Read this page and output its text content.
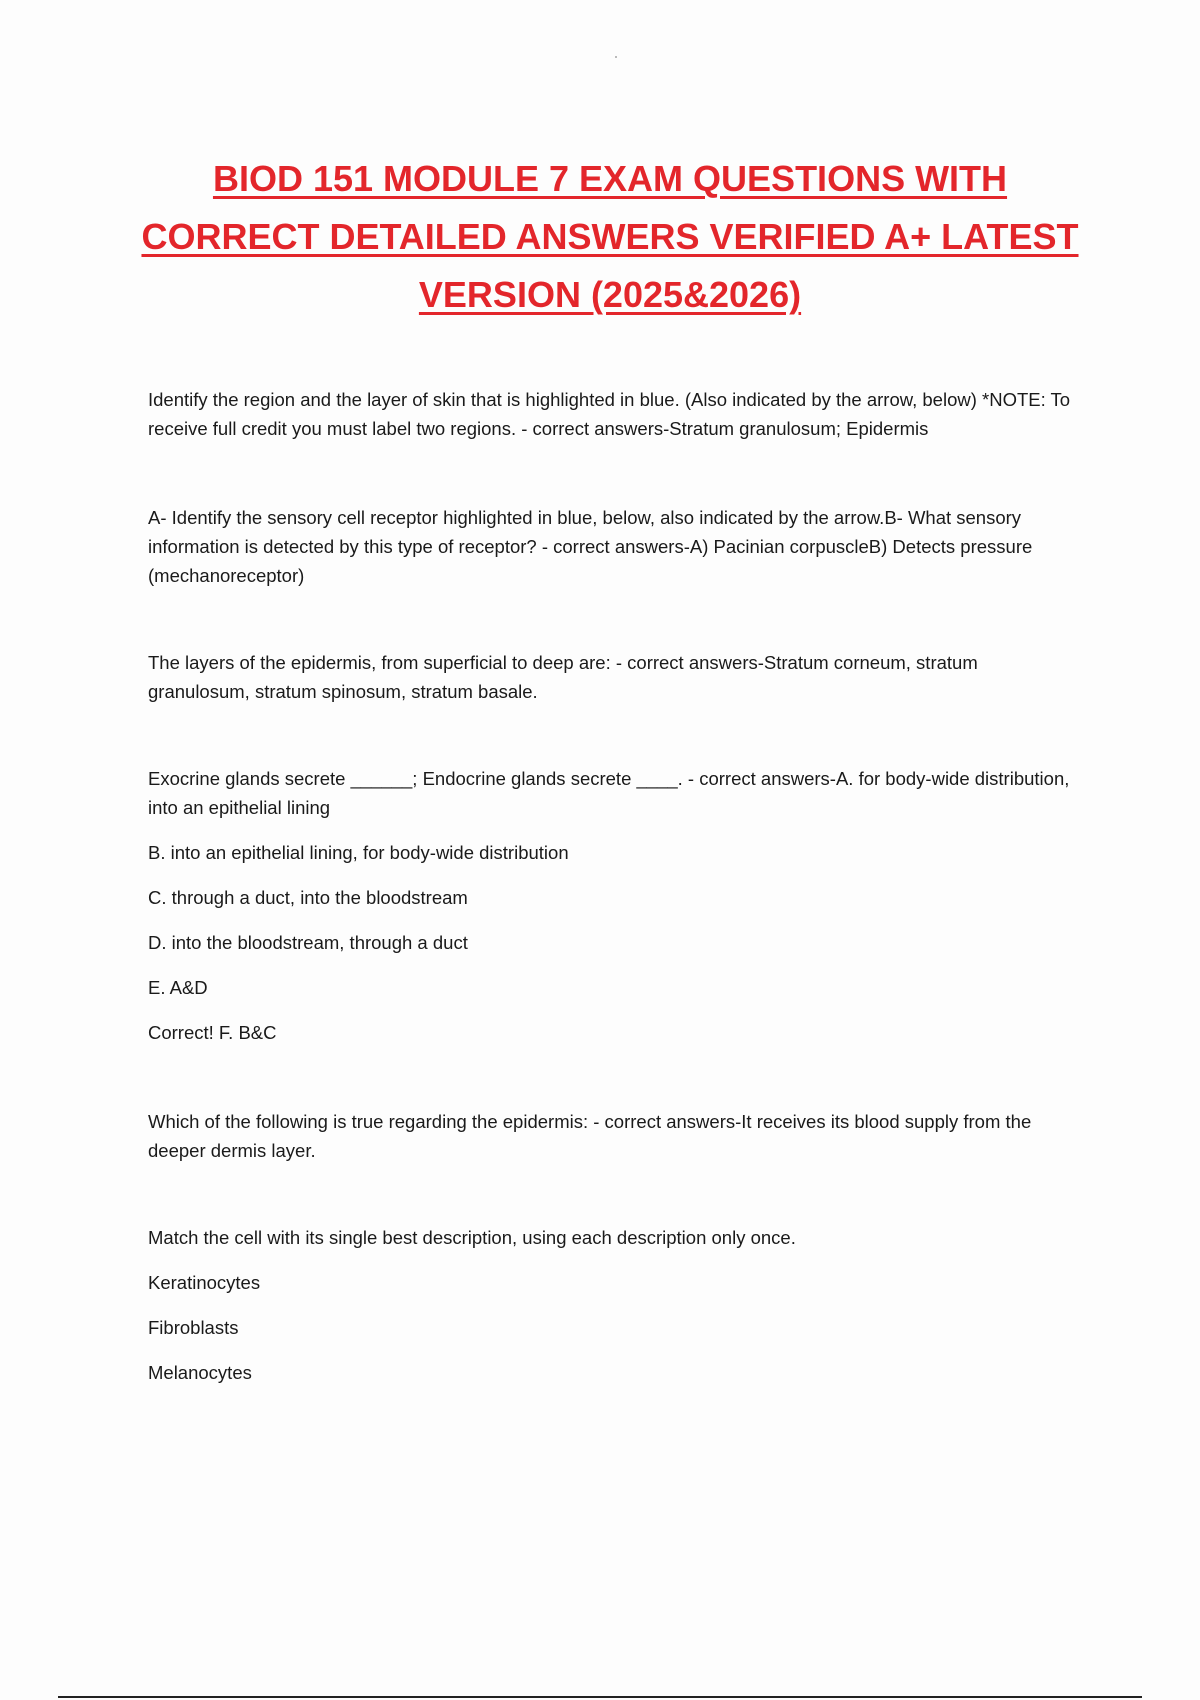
BIOD 151 MODULE 7 EXAM QUESTIONS WITH CORRECT DETAILED ANSWERS VERIFIED A+ LATEST VERSION (2025&2026)

Identify the region and the layer of skin that is highlighted in blue. (Also indicated by the arrow, below) *NOTE: To receive full credit you must label two regions. - correct answers-Stratum granulosum; Epidermis

A- Identify the sensory cell receptor highlighted in blue, below, also indicated by the arrow.B- What sensory information is detected by this type of receptor? - correct answers-A) Pacinian corpuscleB) Detects pressure (mechanoreceptor)

The layers of the epidermis, from superficial to deep are: - correct answers-Stratum corneum, stratum granulosum, stratum spinosum, stratum basale.

Exocrine glands secrete ______; Endocrine glands secrete ____. - correct answers-A. for body-wide distribution, into an epithelial lining

B. into an epithelial lining, for body-wide distribution

C. through a duct, into the bloodstream

D. into the bloodstream, through a duct

E. A&D

Correct! F. B&C

Which of the following is true regarding the epidermis: - correct answers-It receives its blood supply from the deeper dermis layer.

Match the cell with its single best description, using each description only once.

Keratinocytes

Fibroblasts

Melanocytes
